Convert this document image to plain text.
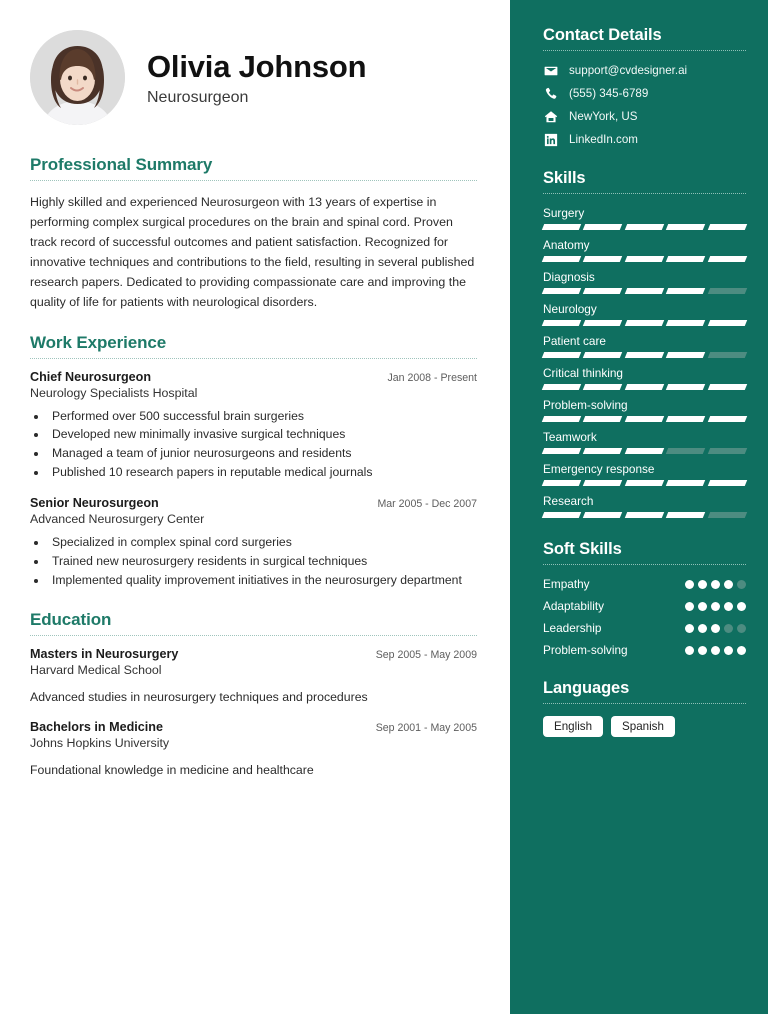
Olivia Johnson
Neurosurgeon
Professional Summary
Highly skilled and experienced Neurosurgeon with 13 years of expertise in performing complex surgical procedures on the brain and spinal cord. Proven track record of successful outcomes and patient satisfaction. Recognized for innovative techniques and contributions to the field, resulting in several published research papers. Dedicated to providing compassionate care and improving the quality of life for patients with neurological disorders.
Work Experience
Chief Neurosurgeon	Jan 2008 - Present
Neurology Specialists Hospital
• Performed over 500 successful brain surgeries
• Developed new minimally invasive surgical techniques
• Managed a team of junior neurosurgeons and residents
• Published 10 research papers in reputable medical journals
Senior Neurosurgeon	Mar 2005 - Dec 2007
Advanced Neurosurgery Center
• Specialized in complex spinal cord surgeries
• Trained new neurosurgery residents in surgical techniques
• Implemented quality improvement initiatives in the neurosurgery department
Education
Masters in Neurosurgery	Sep 2005 - May 2009
Harvard Medical School
Advanced studies in neurosurgery techniques and procedures
Bachelors in Medicine	Sep 2001 - May 2005
Johns Hopkins University
Foundational knowledge in medicine and healthcare
Contact Details
support@cvdesigner.ai
(555) 345-6789
NewYork, US
LinkedIn.com
Skills
Surgery
Anatomy
Diagnosis
Neurology
Patient care
Critical thinking
Problem-solving
Teamwork
Emergency response
Research
Soft Skills
Empathy
Adaptability
Leadership
Problem-solving
Languages
English	Spanish
